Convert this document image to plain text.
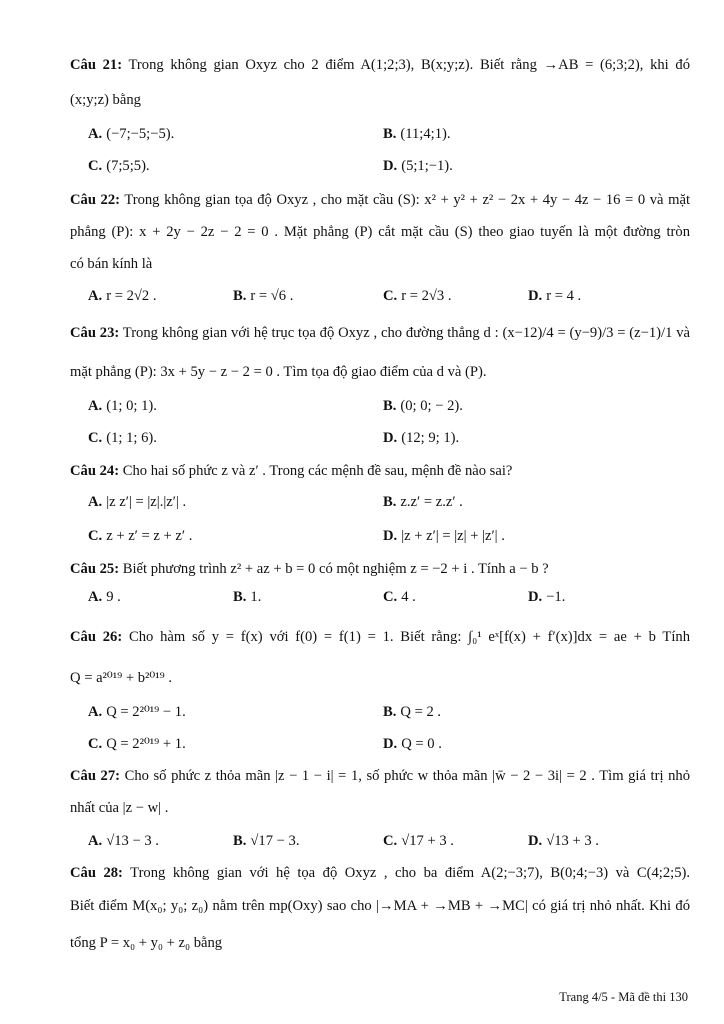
Câu 21: Trong không gian Oxyz cho 2 điểm A(1;2;3), B(x;y;z). Biết rằng →AB = (6;3;2), khi đó
(x;y;z) bằng
A. (−7;−5;−5).	B. (11;4;1).
C. (7;5;5).	D. (5;1;−1).
Câu 22: Trong không gian tọa độ Oxyz , cho mặt cầu (S): x² + y² + z² − 2x + 4y − 4z − 16 = 0 và mặt
phẳng (P): x + 2y − 2z − 2 = 0 . Mặt phẳng (P) cắt mặt cầu (S) theo giao tuyến là một đường tròn
có bán kính là
A. r = 2√2 .	B. r = √6 .	C. r = 2√3 .	D. r = 4 .
Câu 23: Trong không gian với hệ trục tọa độ Oxyz , cho đường thẳng d : (x−12)/4 = (y−9)/3 = (z−1)/1 và
mặt phẳng (P): 3x + 5y − z − 2 = 0 . Tìm tọa độ giao điểm của d và (P).
A. (1; 0; 1).	B. (0; 0; − 2).
C. (1; 1; 6).	D. (12; 9; 1).
Câu 24: Cho hai số phức z và z′ . Trong các mệnh đề sau, mệnh đề nào sai?
A. |z z′| = |z|.|z′| .	B. z.z′ = z.z′ .
C. z + z′ = z + z′ .	D. |z + z′| = |z| + |z′| .
Câu 25: Biết phương trình z² + az + b = 0 có một nghiệm z = −2 + i . Tính a − b ?
A. 9 .	B. 1.	C. 4 .	D. −1.
Câu 26: Cho hàm số y = f(x) với f(0) = f(1) = 1. Biết rằng: ∫₀¹ eˣ[f(x) + f′(x)]dx = ae + b Tính
Q = a²⁰¹⁹ + b²⁰¹⁹ .
A. Q = 2²⁰¹⁹ − 1.	B. Q = 2 .
C. Q = 2²⁰¹⁹ + 1.	D. Q = 0 .
Câu 27: Cho số phức z thỏa mãn |z − 1 − i| = 1, số phức w thỏa mãn |w̄ − 2 − 3i| = 2 . Tìm giá trị nhỏ
nhất của |z − w| .
A. √13 − 3 .	B. √17 − 3.	C. √17 + 3 .	D. √13 + 3 .
Câu 28: Trong không gian với hệ tọa độ Oxyz , cho ba điểm A(2;−3;7), B(0;4;−3) và C(4;2;5).
Biết điểm M(x₀; y₀; z₀) nằm trên mp(Oxy) sao cho |→MA + →MB + →MC| có giá trị nhỏ nhất. Khi đó
tổng P = x₀ + y₀ + z₀ bằng
Trang 4/5 - Mã đề thi 130
